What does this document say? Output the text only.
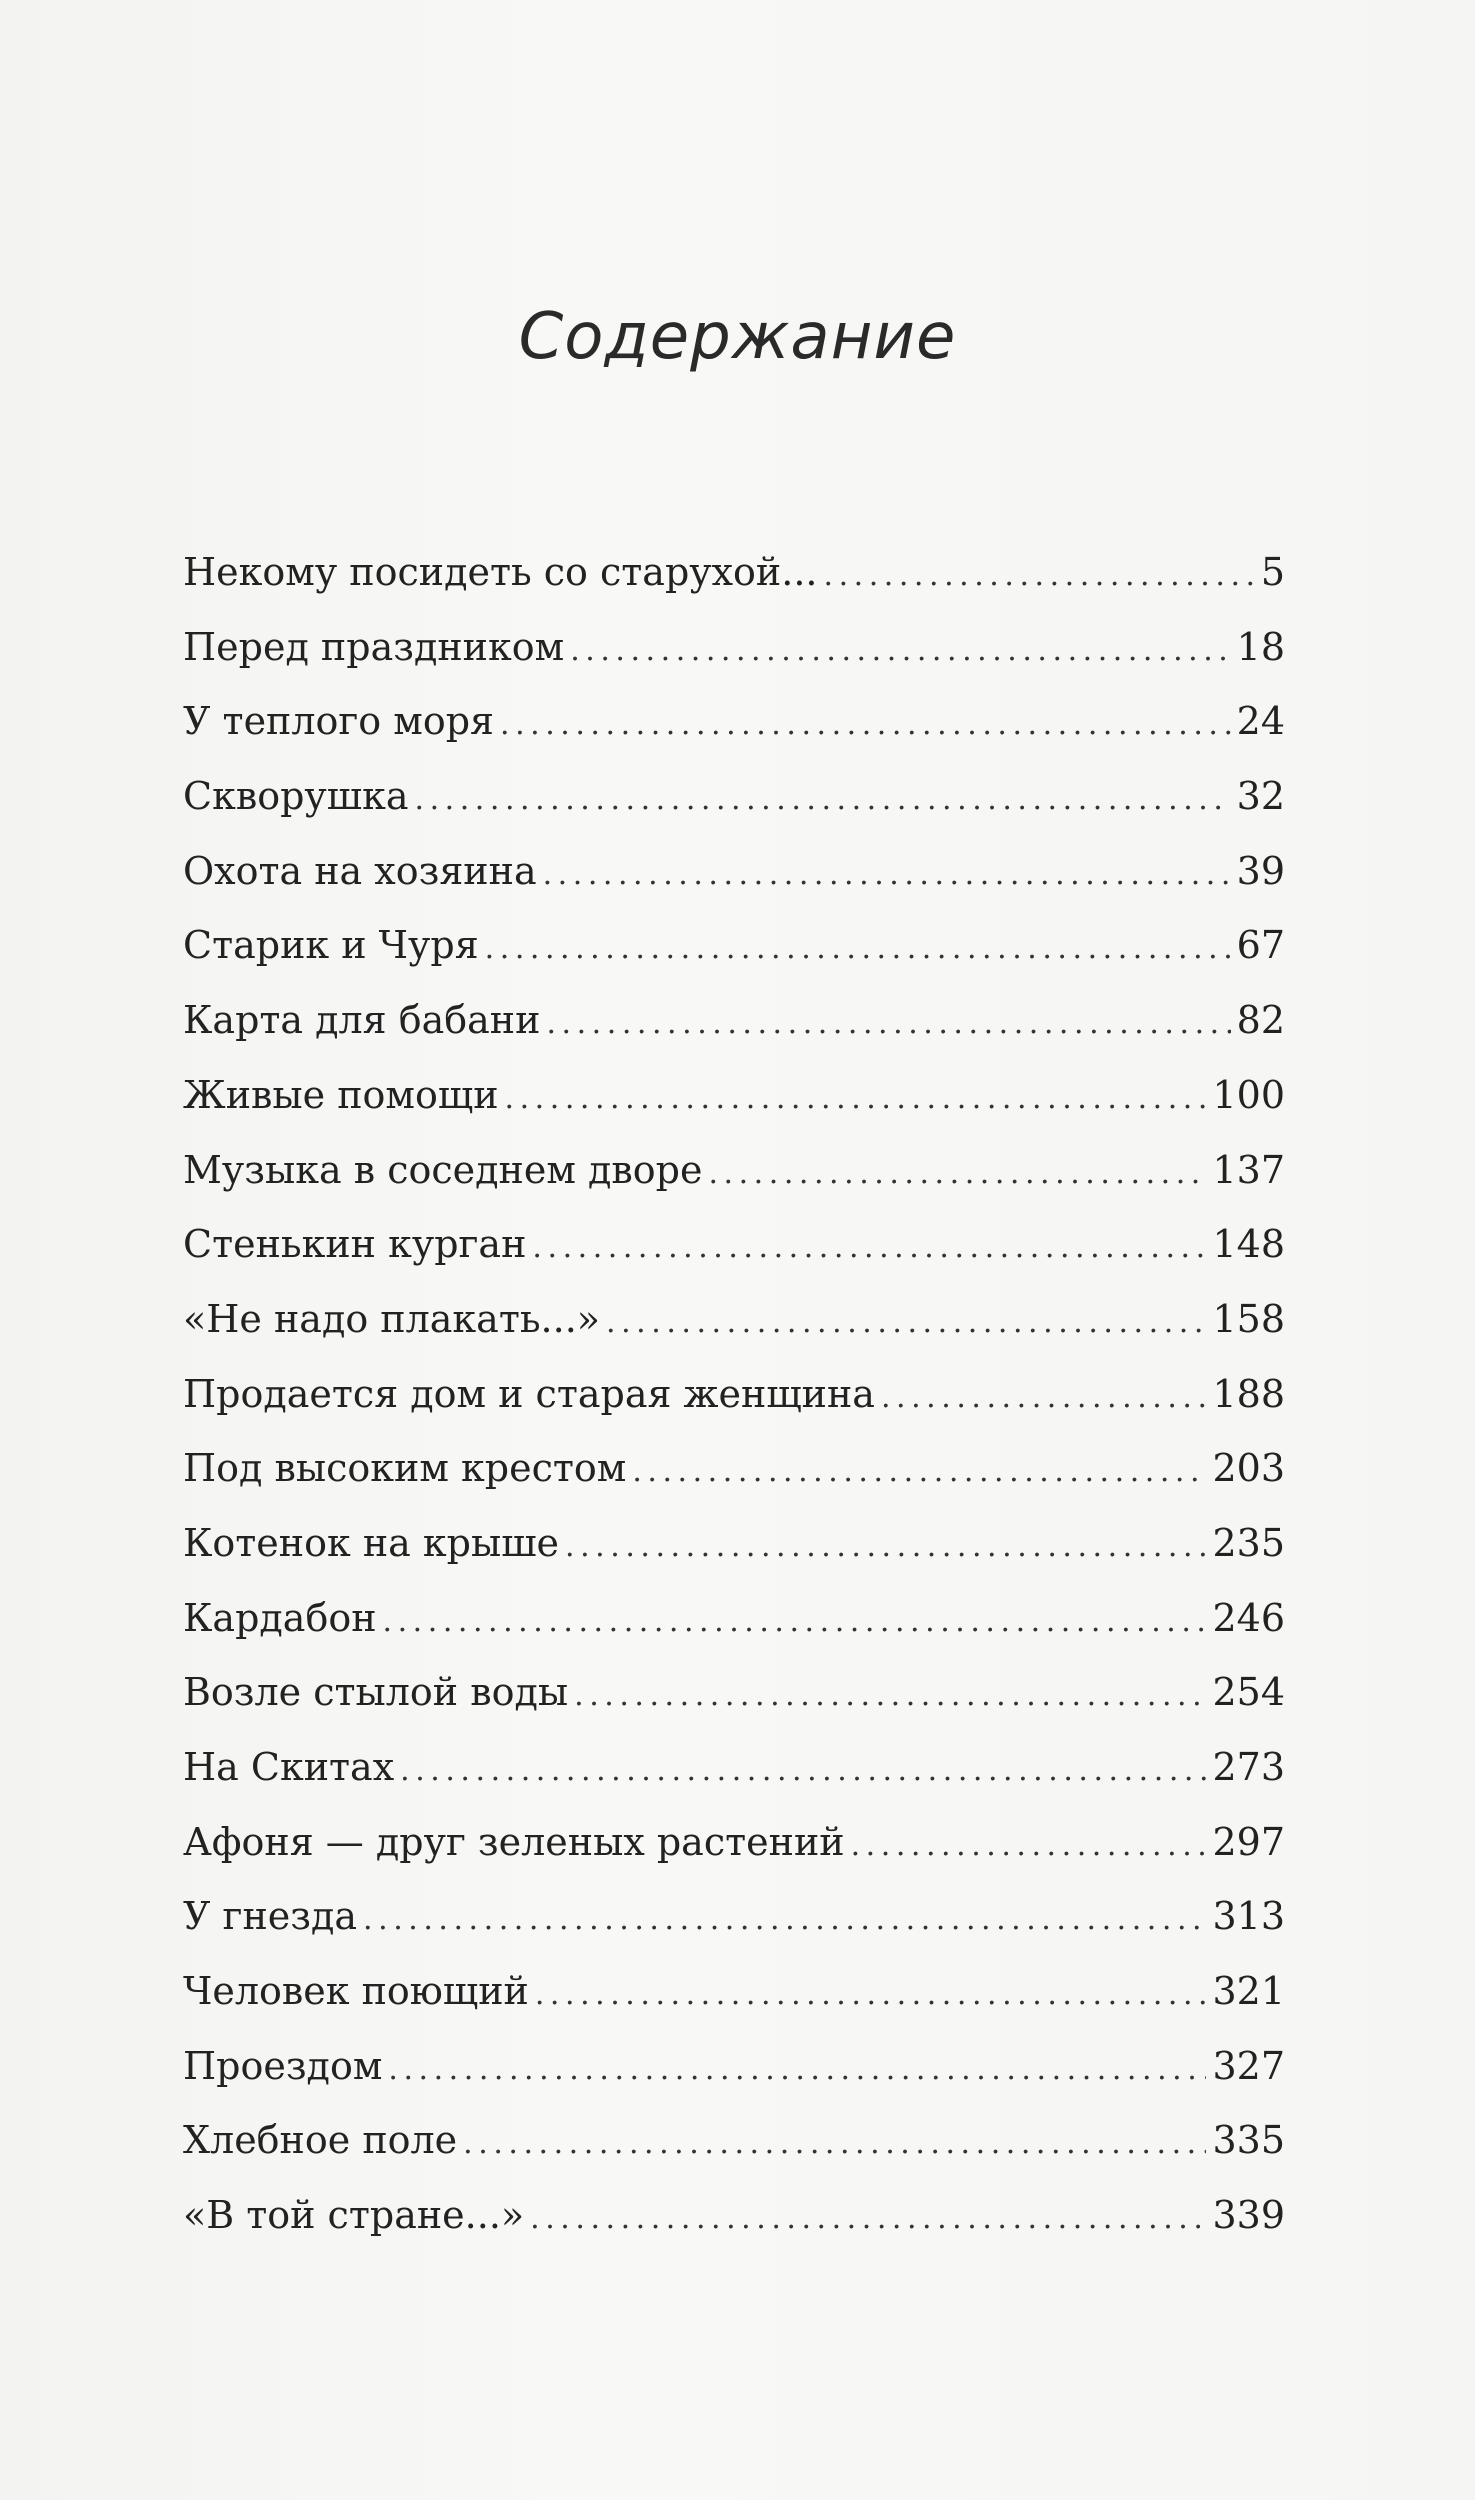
Содержание
Некому посидеть со старухой... . . .	5
Перед праздником . . .	18
У теплого моря . . .	24
Скворушка . . .	32
Охота на хозяина . . .	39
Старик и Чуря . . .	67
Карта для бабани . . .	82
Живые помощи . . .	100
Музыка в соседнем дворе . . .	137
Стенькин курган . . .	148
«Не надо плакать...» . . .	158
Продается дом и старая женщина . . .	188
Под высоким крестом . . .	203
Котенок на крыше . . .	235
Кардабон . . .	246
Возле стылой воды . . .	254
На Скитах . . .	273
Афоня — друг зеленых растений . . .	297
У гнезда . . .	313
Человек поющий . . .	321
Проездом . . .	327
Хлебное поле . . .	335
«В той стране...» . . .	339
